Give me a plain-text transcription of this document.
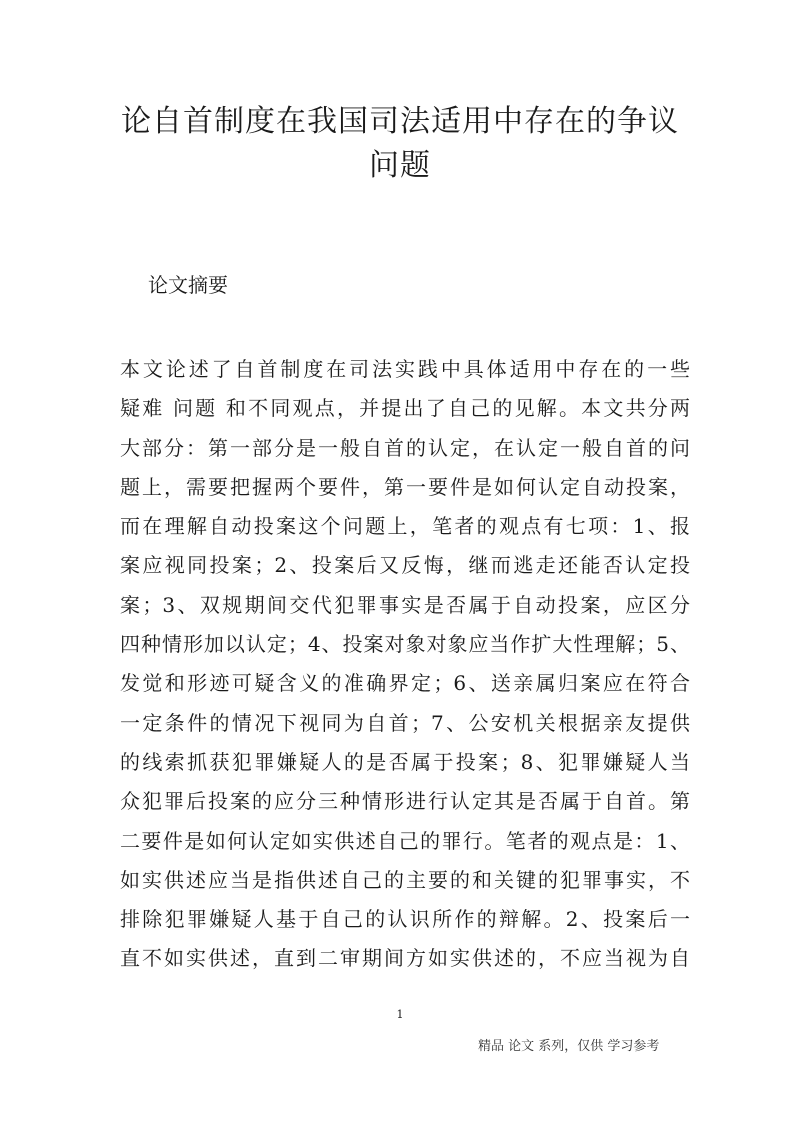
论自首制度在我国司法适用中存在的争议
问题
论文摘要
本文论述了自首制度在司法实践中具体适用中存在的一些
疑难 问题 和不同观点，并提出了自己的见解。本文共分两
大部分：第一部分是一般自首的认定，在认定一般自首的问
题上，需要把握两个要件，第一要件是如何认定自动投案，
而在理解自动投案这个问题上，笔者的观点有七项：1、报
案应视同投案；2、投案后又反悔，继而逃走还能否认定投
案；3、双规期间交代犯罪事实是否属于自动投案，应区分
四种情形加以认定；4、投案对象对象应当作扩大性理解；5、
发觉和形迹可疑含义的准确界定；6、送亲属归案应在符合
一定条件的情况下视同为自首；7、公安机关根据亲友提供
的线索抓获犯罪嫌疑人的是否属于投案；8、犯罪嫌疑人当
众犯罪后投案的应分三种情形进行认定其是否属于自首。第
二要件是如何认定如实供述自己的罪行。笔者的观点是：1、
如实供述应当是指供述自己的主要的和关键的犯罪事实，不
排除犯罪嫌疑人基于自己的认识所作的辩解。2、投案后一
直不如实供述，直到二审期间方如实供述的，不应当视为自
1
精品 论文 系列，仅供 学习参考
